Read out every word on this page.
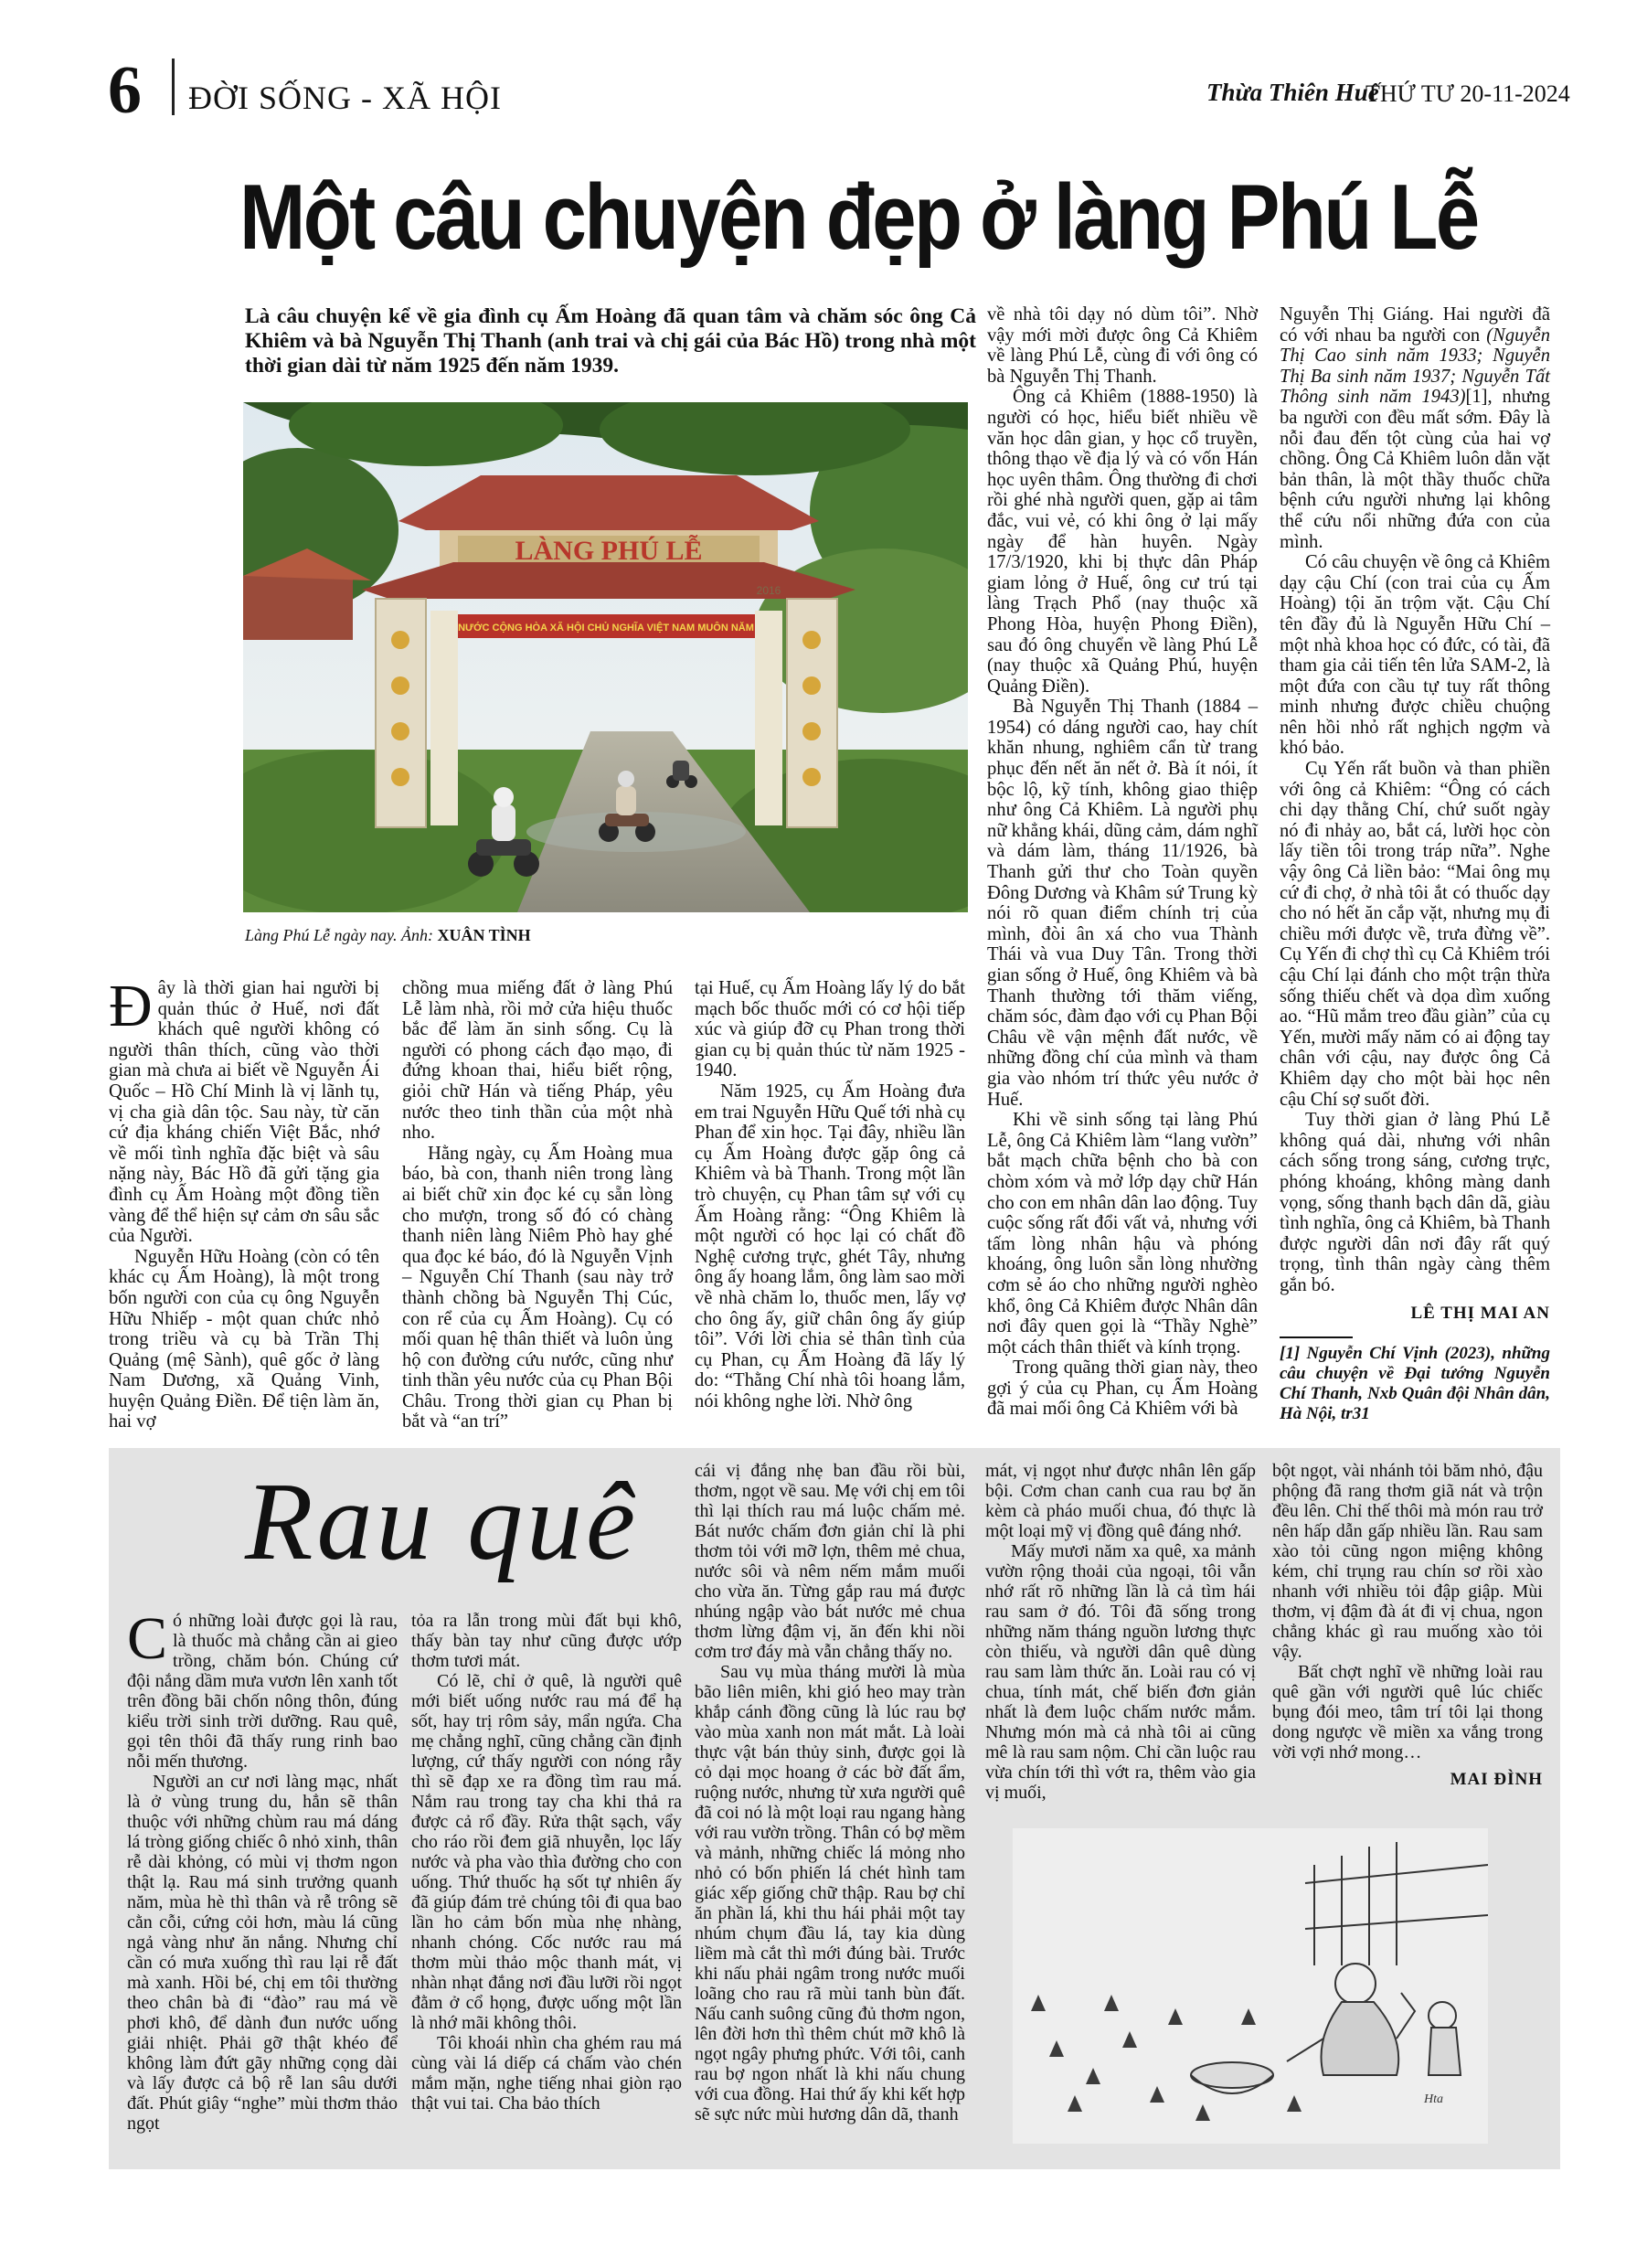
6 ĐỜI SỐNG - XÃ HỘI	Thừa Thiên Huế
THỨ TƯ 20-11-2024
Một câu chuyện đẹp ở làng Phú Lễ
Là câu chuyện kể về gia đình cụ Ấm Hoàng đã quan tâm và chăm sóc ông Cả Khiêm và bà Nguyễn Thị Thanh (anh trai và chị gái của Bác Hồ) trong nhà một thời gian dài từ năm 1925 đến năm 1939.
LÀNG PHÚ LỄ
NƯỚC CỘNG HÒA XÃ HỘI CHỦ NGHĨA VIỆT NAM MUÔN NĂM
2016
Làng Phú Lễ ngày nay. Ảnh: XUÂN TÌNH

Đây là thời gian hai người bị quản thúc ở Huế, nơi đất khách quê người không có người thân thích, cũng vào thời gian mà chưa ai biết về Nguyễn Ái Quốc – Hồ Chí Minh là vị lãnh tụ, vị cha già dân tộc. Sau này, từ căn cứ địa kháng chiến Việt Bắc, nhớ về mối tình nghĩa đặc biệt và sâu nặng này, Bác Hồ đã gửi tặng gia đình cụ Ấm Hoàng một đồng tiền vàng để thể hiện sự cảm ơn sâu sắc của Người.

Nguyễn Hữu Hoàng (còn có tên khác cụ Ấm Hoàng), là một trong bốn người con của cụ ông Nguyễn Hữu Nhiếp - một quan chức nhỏ trong triều và cụ bà Trần Thị Quảng (mệ Sành), quê gốc ở làng Nam Dương, xã Quảng Vinh, huyện Quảng Điền. Để tiện làm ăn, hai vợ

chồng mua miếng đất ở làng Phú Lễ làm nhà, rồi mở cửa hiệu thuốc bắc để làm ăn sinh sống. Cụ là người có phong cách đạo mạo, đi đứng khoan thai, hiểu biết rộng, giỏi chữ Hán và tiếng Pháp, yêu nước theo tinh thần của một nhà nho.

Hằng ngày, cụ Ấm Hoàng mua báo, bà con, thanh niên trong làng ai biết chữ xin đọc ké cụ sẵn lòng cho mượn, trong số đó có chàng thanh niên làng Niêm Phò hay ghé qua đọc ké báo, đó là Nguyễn Vịnh – Nguyễn Chí Thanh (sau này trở thành chồng bà Nguyễn Thị Cúc, con rể của cụ Ấm Hoàng). Cụ có mối quan hệ thân thiết và luôn ủng hộ con đường cứu nước, cũng như tinh thần yêu nước của cụ Phan Bội Châu. Trong thời gian cụ Phan bị bắt và “an trí”

tại Huế, cụ Ấm Hoàng lấy lý do bắt mạch bốc thuốc mới có cơ hội tiếp xúc và giúp đỡ cụ Phan trong thời gian cụ bị quản thúc từ năm 1925 - 1940.

Năm 1925, cụ Ấm Hoàng đưa em trai Nguyễn Hữu Quế tới nhà cụ Phan để xin học. Tại đây, nhiều lần cụ Ấm Hoàng được gặp ông cả Khiêm và bà Thanh. Trong một lần trò chuyện, cụ Phan tâm sự với cụ Ấm Hoàng rằng: “Ông Khiêm là một người có học lại có chất đồ Nghệ cương trực, ghét Tây, nhưng ông ấy hoang lắm, ông làm sao mời về nhà chăm lo, thuốc men, lấy vợ cho ông ấy, giữ chân ông ấy giúp tôi”. Với lời chia sẻ thân tình của cụ Phan, cụ Ấm Hoàng đã lấy lý do: “Thằng Chí nhà tôi hoang lắm, nói không nghe lời. Nhờ ông

về nhà tôi dạy nó dùm tôi”. Nhờ vậy mới mời được ông Cả Khiêm về làng Phú Lễ, cùng đi với ông có bà Nguyễn Thị Thanh.

Ông cả Khiêm (1888-1950) là người có học, hiểu biết nhiều về văn học dân gian, y học cổ truyền, thông thạo về địa lý và có vốn Hán học uyên thâm. Ông thường đi chơi rồi ghé nhà người quen, gặp ai tâm đắc, vui vẻ, có khi ông ở lại mấy ngày để hàn huyên. Ngày 17/3/1920, khi bị thực dân Pháp giam lỏng ở Huế, ông cư trú tại làng Trạch Phổ (nay thuộc xã Phong Hòa, huyện Phong Điền), sau đó ông chuyển về làng Phú Lễ (nay thuộc xã Quảng Phú, huyện Quảng Điền).

Bà Nguyễn Thị Thanh (1884 – 1954) có dáng người cao, hay chít khăn nhung, nghiêm cẩn từ trang phục đến nết ăn nết ở. Bà ít nói, ít bộc lộ, kỹ tính, không giao thiệp như ông Cả Khiêm. Là người phụ nữ khẳng khái, dũng cảm, dám nghĩ và dám làm, tháng 11/1926, bà Thanh gửi thư cho Toàn quyền Đông Dương và Khâm sứ Trung kỳ nói rõ quan điểm chính trị của mình, đòi ân xá cho vua Thành Thái và vua Duy Tân. Trong thời gian sống ở Huế, ông Khiêm và bà Thanh thường tới thăm viếng, chăm sóc, đàm đạo với cụ Phan Bội Châu về vận mệnh đất nước, về những đồng chí của mình và tham gia vào nhóm trí thức yêu nước ở Huế.

Khi về sinh sống tại làng Phú Lễ, ông Cả Khiêm làm “lang vườn” bắt mạch chữa bệnh cho bà con chòm xóm và mở lớp dạy chữ Hán cho con em nhân dân lao động. Tuy cuộc sống rất đổi vất vả, nhưng với tấm lòng nhân hậu và phóng khoáng, ông luôn sẵn lòng nhường cơm sẻ áo cho những người nghèo khổ, ông Cả Khiêm được Nhân dân nơi đây quen gọi là “Thầy Nghè” một cách thân thiết và kính trọng.

Trong quãng thời gian này, theo gợi ý của cụ Phan, cụ Ấm Hoàng đã mai mối ông Cả Khiêm với bà

Nguyễn Thị Giáng. Hai người đã có với nhau ba người con (Nguyễn Thị Cao sinh năm 1933; Nguyễn Thị Ba sinh năm 1937; Nguyễn Tất Thông sinh năm 1943)[1], nhưng ba người con đều mất sớm. Đây là nỗi đau đến tột cùng của hai vợ chồng. Ông Cả Khiêm luôn dằn vặt bản thân, là một thầy thuốc chữa bệnh cứu người nhưng lại không thể cứu nổi những đứa con của mình.

Có câu chuyện về ông cả Khiêm dạy cậu Chí (con trai của cụ Ấm Hoàng) tội ăn trộm vặt. Cậu Chí tên đầy đủ là Nguyễn Hữu Chí – một nhà khoa học có đức, có tài, đã tham gia cải tiến tên lửa SAM-2, là một đứa con cầu tự tuy rất thông minh nhưng được chiều chuộng nên hồi nhỏ rất nghịch ngợm và khó bảo.

Cụ Yến rất buồn và than phiền với ông cả Khiêm: “Ông có cách chi dạy thằng Chí, chứ suốt ngày nó đi nhảy ao, bắt cá, lười học còn lấy tiền tôi trong tráp nữa”. Nghe vậy ông Cả liền bảo: “Mai ông mụ cứ đi chợ, ở nhà tôi ắt có thuốc dạy cho nó hết ăn cắp vặt, nhưng mụ đi chiều mới được về, trưa đừng về”. Cụ Yến đi chợ thì cụ Cả Khiêm trói cậu Chí lại đánh cho một trận thừa sống thiếu chết và dọa dìm xuống ao. “Hũ mắm treo đầu giàn” của cụ Yến, mười mấy năm có ai động tay chân với cậu, nay được ông Cả Khiêm dạy cho một bài học nên cậu Chí sợ suốt đời.

Tuy thời gian ở làng Phú Lễ không quá dài, nhưng với nhân cách sống trong sáng, cương trực, phóng khoáng, không màng danh vọng, sống thanh bạch dân dã, giàu tình nghĩa, ông cả Khiêm, bà Thanh được người dân nơi đây rất quý trọng, tình thân ngày càng thêm gắn bó.

LÊ THỊ MAI AN
[1] Nguyễn Chí Vịnh (2023), những câu chuyện về Đại tướng Nguyễn Chí Thanh, Nxb Quân đội Nhân dân, Hà Nội, tr31
Rau quê

Có những loài được gọi là rau, là thuốc mà chẳng cần ai gieo trồng, chăm bón. Chúng cứ đội nắng dầm mưa vươn lên xanh tốt trên đồng bãi chốn nông thôn, đúng kiểu trời sinh trời dưỡng. Rau quê, gọi tên thôi đã thấy rung rinh bao nỗi mến thương.

Người an cư nơi làng mạc, nhất là ở vùng trung du, hẳn sẽ thân thuộc với những chùm rau má dáng lá tròng giống chiếc ô nhỏ xinh, thân rễ dài khỏng, có mùi vị thơm ngon thật lạ. Rau má sinh trưởng quanh năm, mùa hè thì thân và rễ trông sẽ cằn cỗi, cứng cỏi hơn, màu lá cũng ngả vàng như ăn nắng. Nhưng chỉ cần có mưa xuống thì rau lại rễ đất mà xanh. Hồi bé, chị em tôi thường theo chân bà đi “đào” rau má về phơi khô, để dành đun nước uống giải nhiệt. Phải gỡ thật khéo để không làm đứt gãy những cọng dài và lấy được cả bộ rễ lan sâu dưới đất. Phút giây “nghe” mùi thơm thảo ngọt

tỏa ra lẫn trong mùi đất bụi khô, thấy bàn tay như cũng được ướp thơm tươi mát.

Có lẽ, chỉ ở quê, là người quê mới biết uống nước rau má để hạ sốt, hay trị rôm sảy, mẩn ngứa. Cha mẹ chẳng nghĩ, cũng chẳng cần định lượng, cứ thấy người con nóng rẫy thì sẽ đạp xe ra đồng tìm rau má. Nắm rau trong tay cha khi thả ra được cả rổ đầy. Rửa thật sạch, vẩy cho ráo rồi đem giã nhuyễn, lọc lấy nước và pha vào thìa đường cho con uống. Thứ thuốc hạ sốt tự nhiên ấy đã giúp đám trẻ chúng tôi đi qua bao lần ho cảm bốn mùa nhẹ nhàng, nhanh chóng. Cốc nước rau má thơm mùi thảo mộc thanh mát, vị nhàn nhạt đắng nơi đầu lưỡi rồi ngọt đằm ở cổ họng, được uống một lần là nhớ mãi không thôi.

Tôi khoái nhìn cha ghém rau má cùng vài lá diếp cá chấm vào chén mắm mặn, nghe tiếng nhai giòn rạo thật vui tai. Cha bảo thích

cái vị đắng nhẹ ban đầu rồi bùi, thơm, ngọt về sau. Mẹ với chị em tôi thì lại thích rau má luộc chấm mẻ. Bát nước chấm đơn giản chỉ là phi thơm tỏi với mỡ lợn, thêm mẻ chua, nước sôi và nêm nếm mắm muối cho vừa ăn. Từng gắp rau má được nhúng ngập vào bát nước mẻ chua thơm lừng đậm vị, ăn đến khi nồi cơm trơ đáy mà vẫn chẳng thấy no.

Sau vụ mùa tháng mười là mùa bão liên miên, khi gió heo may tràn khắp cánh đồng cũng là lúc rau bợ vào mùa xanh non mát mắt. Là loài thực vật bán thủy sinh, được gọi là cỏ dại mọc hoang ở các bờ đất ẩm, ruộng nước, nhưng từ xưa người quê đã coi nó là một loại rau ngang hàng với rau vườn trồng. Thân có bợ mềm và mảnh, những chiếc lá mỏng nho nhỏ có bốn phiến lá chét hình tam giác xếp giống chữ thập. Rau bợ chỉ ăn phần lá, khi thu hái phải một tay nhúm chụm đầu lá, tay kia dùng liềm mà cắt thì mới đúng bài. Trước khi nấu phải ngâm trong nước muối loãng cho rau rã mùi tanh bùn đất. Nấu canh suông cũng đủ thơm ngon, lên đời hơn thì thêm chút mỡ khô là ngọt ngây phưng phức. Với tôi, canh rau bợ ngon nhất là khi nấu chung với cua đồng. Hai thứ ấy khi kết hợp sẽ sực nức mùi hương dân dã, thanh

mát, vị ngọt như được nhân lên gấp bội. Cơm chan canh cua rau bợ ăn kèm cà pháo muối chua, đó thực là một loại mỹ vị đồng quê đáng nhớ.

Mấy mươi năm xa quê, xa mảnh vườn rộng thoải của ngoại, tôi vẫn nhớ rất rõ những lần là cả tìm hái rau sam ở đó. Tôi đã sống trong những năm tháng nguồn lương thực còn thiếu, và người dân quê dùng rau sam làm thức ăn. Loài rau có vị chua, tính mát, chế biến đơn giản nhất là đem luộc chấm nước mắm. Nhưng món mà cả nhà tôi ai cũng mê là rau sam nộm. Chỉ cần luộc rau vừa chín tới thì vớt ra, thêm vào gia vị muối,

bột ngọt, vài nhánh tỏi băm nhỏ, đậu phộng đã rang thơm giã nát và trộn đều lên. Chỉ thế thôi mà món rau trở nên hấp dẫn gấp nhiều lần. Rau sam xào tỏi cũng ngon miệng không kém, chỉ trụng rau chín sơ rồi xào nhanh với nhiều tỏi đập giập. Mùi thơm, vị đậm đà át đi vị chua, ngon chẳng khác gì rau muống xào tỏi vậy.

Bất chợt nghĩ về những loài rau quê gần với người quê lúc chiếc bụng đói meo, tâm trí tôi lại thong dong ngược về miền xa vắng trong vời vợi nhớ mong…

MAI ĐÌNH
Hta
